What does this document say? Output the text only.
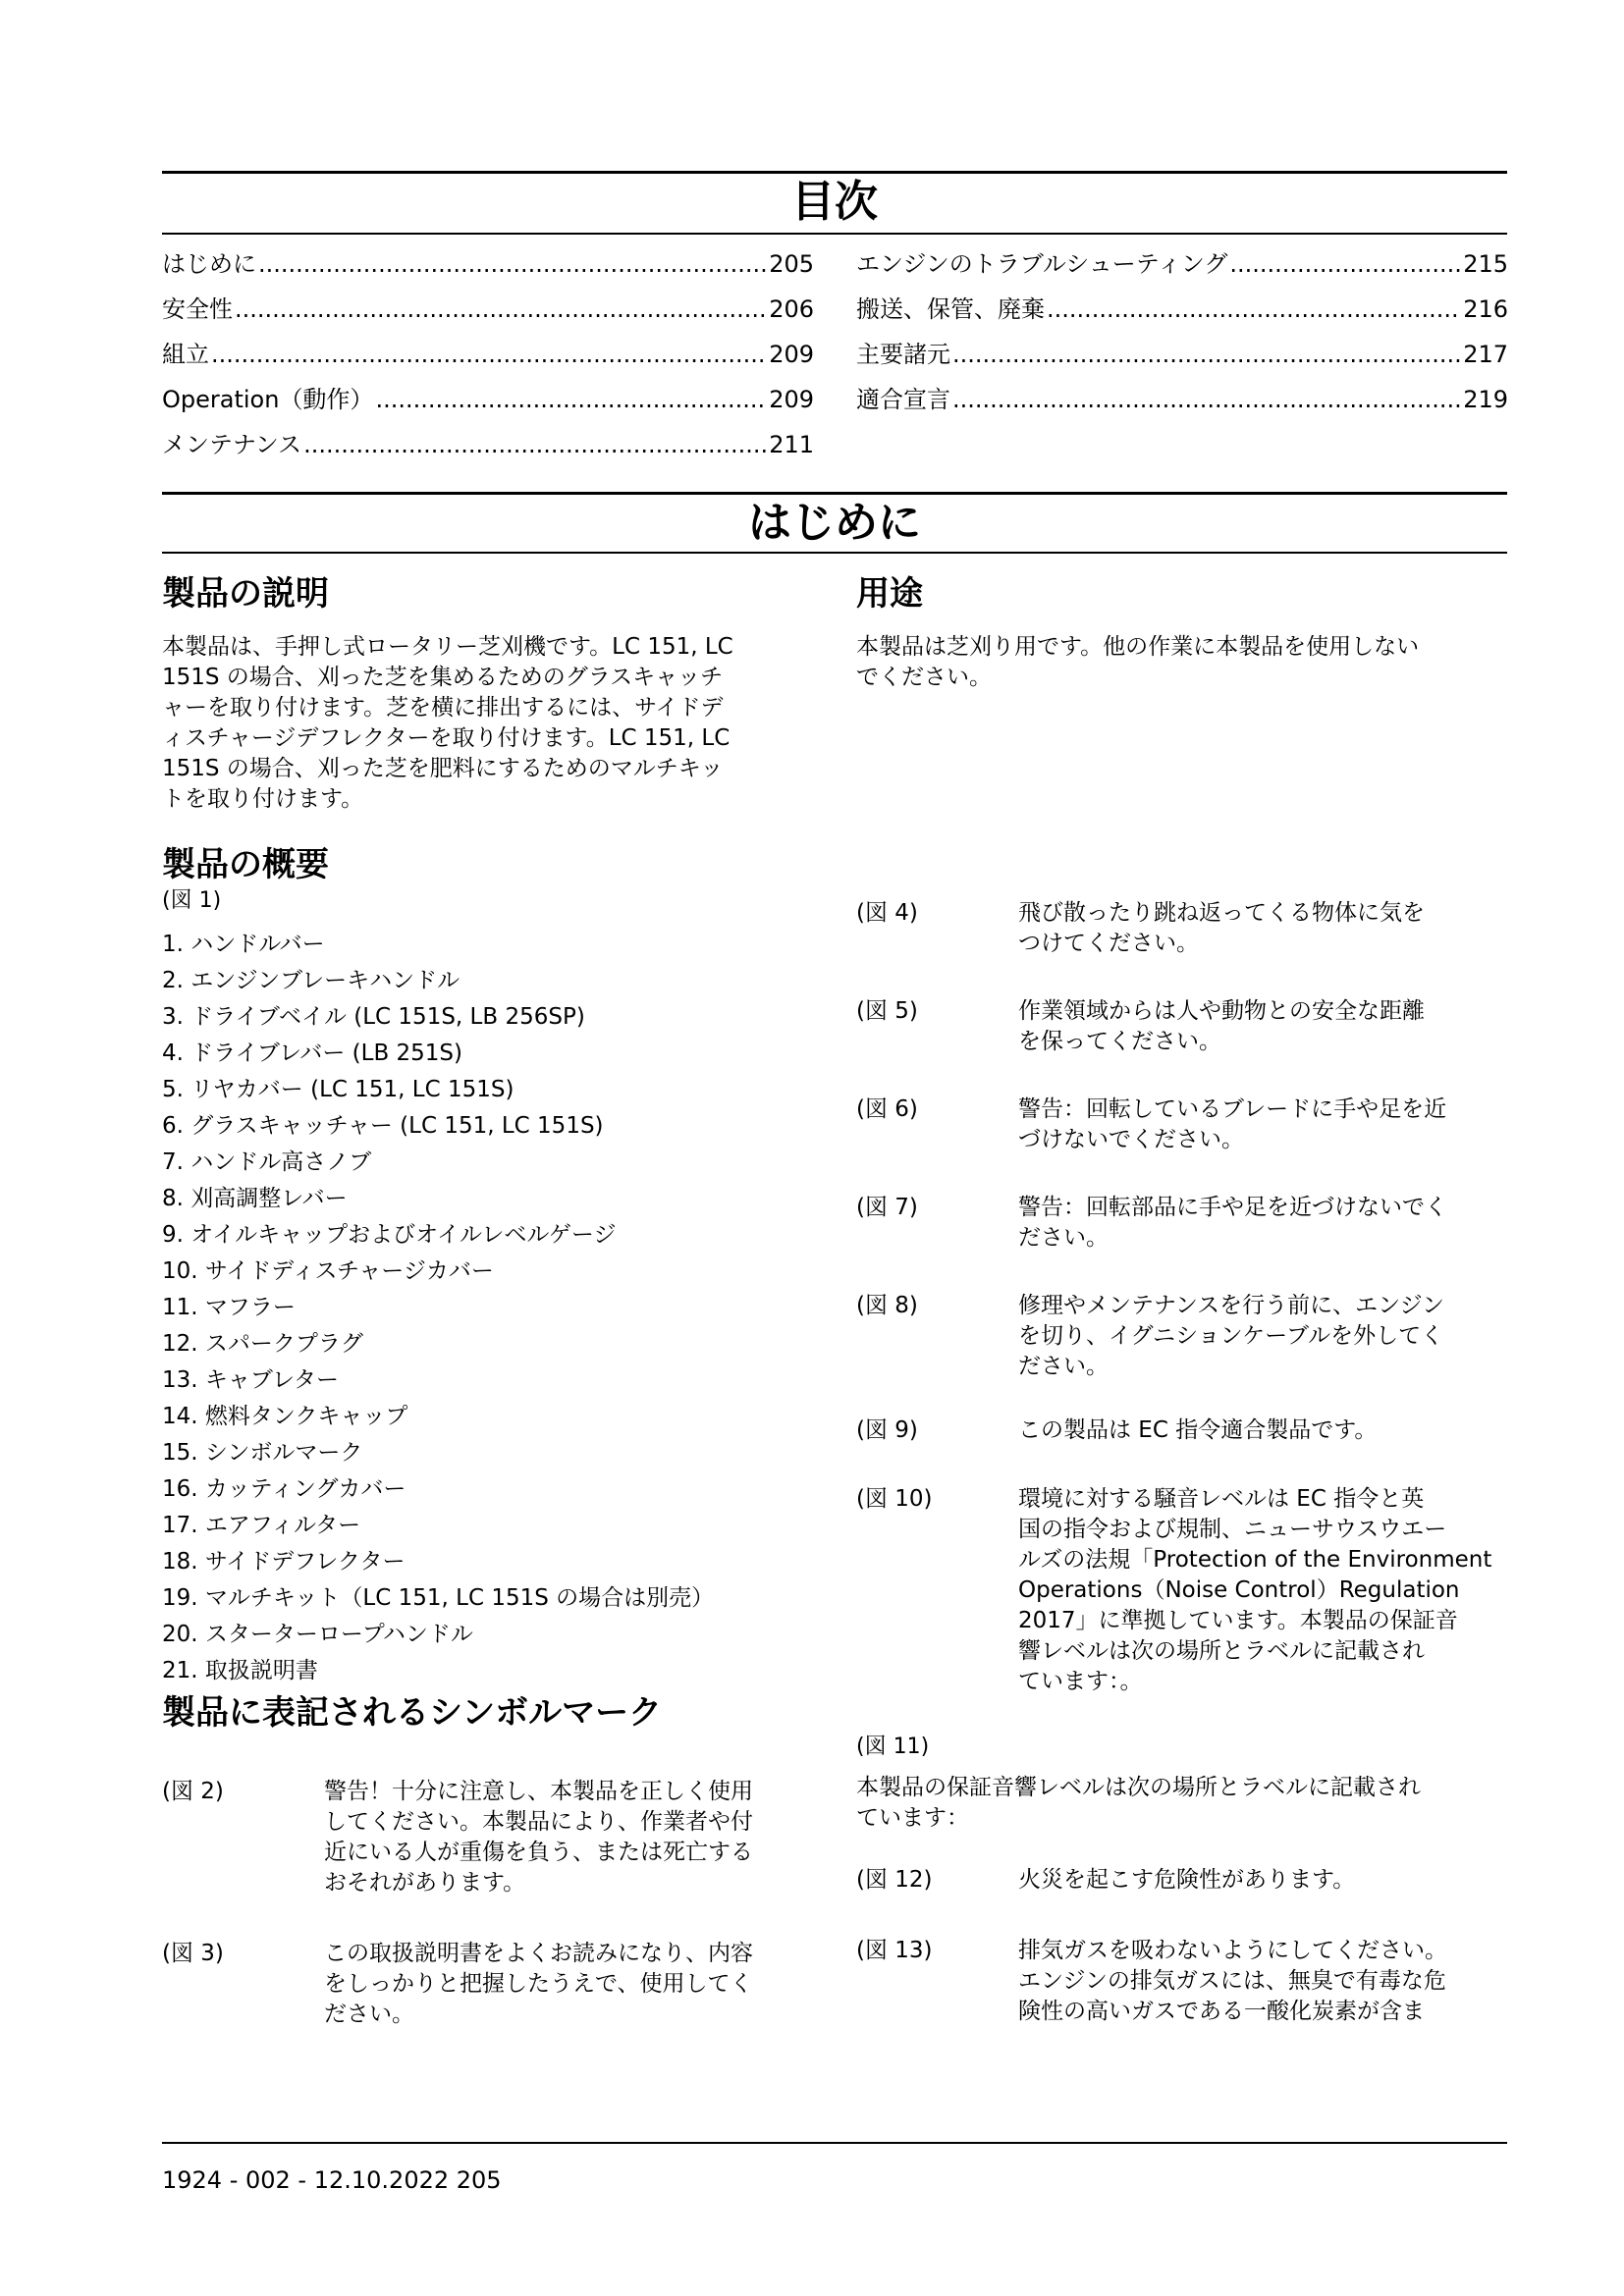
目次
はじめに .....	205
安全性 .....	206
組立 .....	209
Operation（動作） .....	209
メンテナンス .....	211
エンジンのトラブルシューティング .....	215
搬送、保管、廃棄 .....	216
主要諸元 .....	217
適合宣言 .....	219
はじめに
製品の説明
本製品は、手押し式ロータリー芝刈機です。LC 151, LC
151S の場合、刈った芝を集めるためのグラスキャッチ
ャーを取り付けます。芝を横に排出するには、サイドデ
ィスチャージデフレクターを取り付けます。LC 151, LC
151S の場合、刈った芝を肥料にするためのマルチキッ
トを取り付けます。
製品の概要
(図 1)
1. ハンドルバー
2. エンジンブレーキハンドル
3. ドライブベイル (LC 151S, LB 256SP)
4. ドライブレバー (LB 251S)
5. リヤカバー (LC 151, LC 151S)
6. グラスキャッチャー (LC 151, LC 151S)
7. ハンドル高さノブ
8. 刈高調整レバー
9. オイルキャップおよびオイルレベルゲージ
10. サイドディスチャージカバー
11. マフラー
12. スパークプラグ
13. キャブレター
14. 燃料タンクキャップ
15. シンボルマーク
16. カッティングカバー
17. エアフィルター
18. サイドデフレクター
19. マルチキット（LC 151, LC 151S の場合は別売）
20. スターターロープハンドル
21. 取扱説明書
製品に表記されるシンボルマーク
(図 2)	警告！十分に注意し、本製品を正しく使用
してください。本製品により、作業者や付
近にいる人が重傷を負う、または死亡する
おそれがあります。
(図 3)	この取扱説明書をよくお読みになり、内容
をしっかりと把握したうえで、使用してく
ださい。
用途
本製品は芝刈り用です。他の作業に本製品を使用しない
でください。
(図 4)	飛び散ったり跳ね返ってくる物体に気を
つけてください。
(図 5)	作業領域からは人や動物との安全な距離
を保ってください。
(図 6)	警告：回転しているブレードに手や足を近
づけないでください。
(図 7)	警告：回転部品に手や足を近づけないでく
ださい。
(図 8)	修理やメンテナンスを行う前に、エンジン
を切り、イグニションケーブルを外してく
ださい。
(図 9)	この製品は EC 指令適合製品です。
(図 10)	環境に対する騒音レベルは EC 指令と英
国の指令および規制、ニューサウスウエー
ルズの法規「Protection of the Environment
Operations（Noise Control）Regulation
2017」に準拠しています。本製品の保証音
響レベルは次の場所とラベルに記載され
ています：。
(図 11)
本製品の保証音響レベルは次の場所とラベルに記載され
ています：
(図 12)	火災を起こす危険性があります。
(図 13)	排気ガスを吸わないようにしてください。
エンジンの排気ガスには、無臭で有毒な危
険性の高いガスである一酸化炭素が含ま
1924 - 002 - 12.10.2022 205
